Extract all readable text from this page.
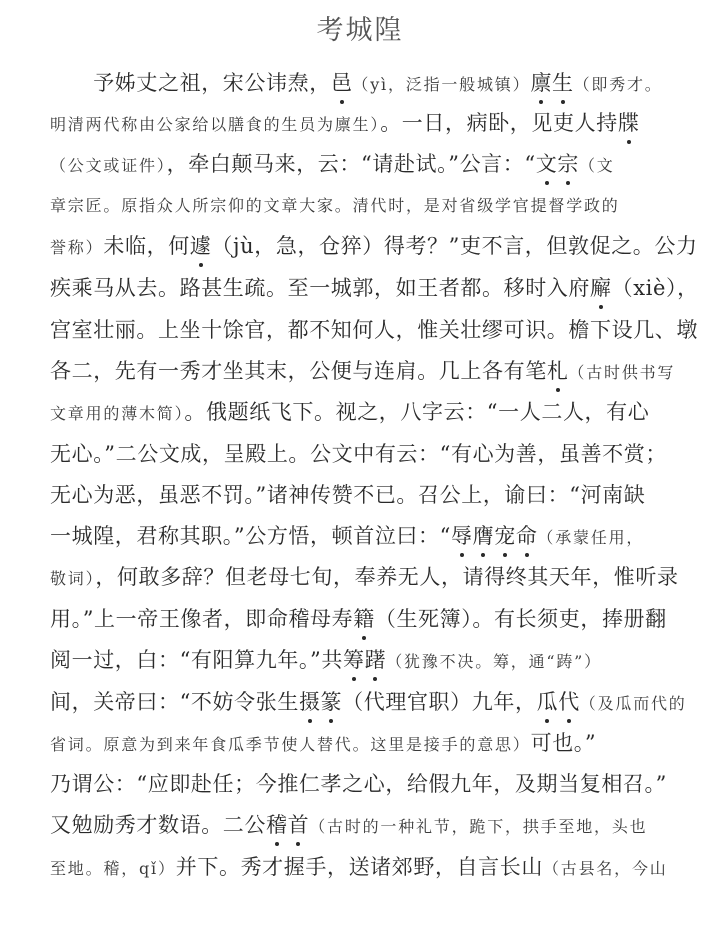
考城隍
　　予姊丈之祖，宋公讳焘，邑（yì，泛指一般城镇）廪生（即秀才。
明清两代称由公家给以膳食的生员为廪生）。一日，病卧，见吏人持牒
（公文或证件），牵白颠马来，云：“请赴试。”公言：“文宗（文
章宗匠。原指众人所宗仰的文章大家。清代时，是对省级学官提督学政的
誉称）未临，何遽（jù，急，仓猝）得考？”吏不言，但敦促之。公力
疾乘马从去。路甚生疏。至一城郭，如王者都。移时入府廨（xiè），
宫室壮丽。上坐十馀官，都不知何人，惟关壮缪可识。檐下设几、墩
各二，先有一秀才坐其末，公便与连肩。几上各有笔札（古时供书写
文章用的薄木简）。俄题纸飞下。视之，八字云：“一人二人，有心
无心。”二公文成，呈殿上。公文中有云：“有心为善，虽善不赏；
无心为恶，虽恶不罚。”诸神传赞不已。召公上，谕曰：“河南缺
一城隍，君称其职。”公方悟，顿首泣曰：“辱膺宠命（承蒙任用，
敬词），何敢多辞？但老母七旬，奉养无人，请得终其天年，惟听录
用。”上一帝王像者，即命稽母寿籍（生死簿）。有长须吏，捧册翻
阅一过，白：“有阳算九年。”共筹躇（犹豫不决。筹，通“踌”）
间，关帝曰：“不妨令张生摄篆（代理官职）九年，瓜代（及瓜而代的
省词。原意为到来年食瓜季节使人替代。这里是接手的意思）可也。”
乃谓公：“应即赴任；今推仁孝之心，给假九年，及期当复相召。”
又勉励秀才数语。二公稽首（古时的一种礼节，跪下，拱手至地，头也
至地。稽，qǐ）并下。秀才握手，送诸郊野，自言长山（古县名，今山
